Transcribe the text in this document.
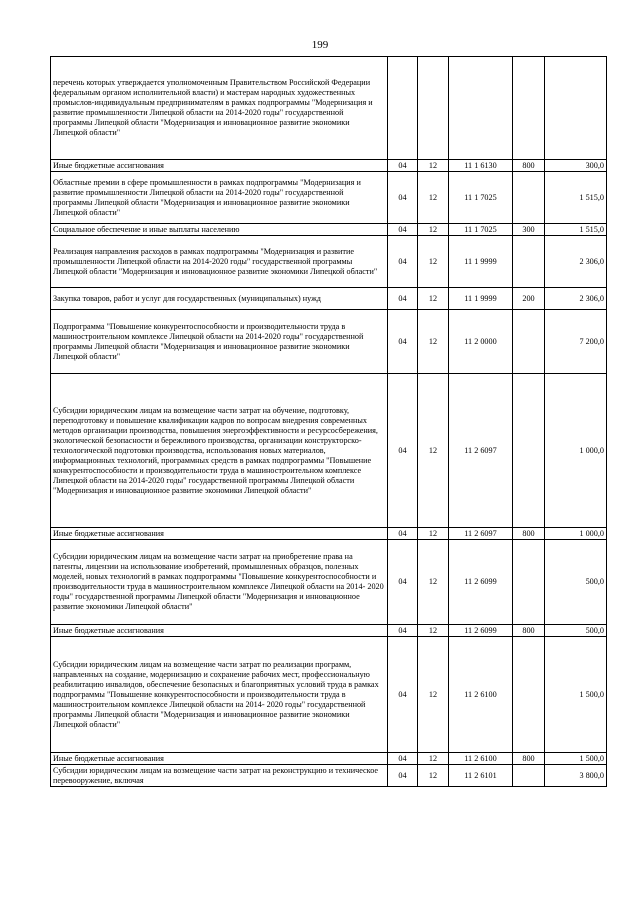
199
перечень которых утверждается уполномоченным Правительством Российской Федерации федеральным органом исполнительной власти) и мастерам народных художественных промыслов-индивидуальным предпринимателям в рамках подпрограммы "Модернизация и развитие промышленности Липецкой области на 2014-2020 годы" государственной программы Липецкой области "Модернизация и инновационное развитие экономики Липецкой области"					
Иные бюджетные ассигнования	04	12	11 1 6130	800	300,0
Областные премии в сфере промышленности в рамках подпрограммы "Модернизация и развитие промышленности Липецкой области на 2014-2020 годы" государственной программы Липецкой области "Модернизация и инновационное развитие экономики Липецкой области"	04	12	11 1 7025		1 515,0
Социальное обеспечение и иные выплаты населению	04	12	11 1 7025	300	1 515,0
Реализация направления расходов в рамках подпрограммы "Модернизация и развитие промышленности Липецкой области на 2014-2020 годы" государственной программы Липецкой области "Модернизация и инновационное развитие экономики Липецкой области"	04	12	11 1 9999		2 306,0
Закупка товаров, работ и услуг для государственных (муниципальных) нужд	04	12	11 1 9999	200	2 306,0
Подпрограмма "Повышение конкурентоспособности и производительности труда в машиностроительном комплексе Липецкой области на 2014-2020 годы" государственной программы Липецкой области "Модернизация и инновационное развитие экономики Липецкой области"	04	12	11 2 0000		7 200,0
Субсидии юридическим лицам на возмещение части затрат на обучение, подготовку, переподготовку и повышение квалификации кадров по вопросам внедрения современных методов организации производства, повышения энергоэффективности и ресурсосбережения, экологической безопасности и бережливого производства, организации конструкторско-технологической подготовки производства, использования новых материалов, информационных технологий, программных средств в рамках подпрограммы "Повышение конкурентоспособности и производительности труда в машиностроительном комплексе Липецкой области на 2014-2020 годы" государственной программы Липецкой области "Модернизация и инновационное развитие экономики Липецкой области"	04	12	11 2 6097		1 000,0
Иные бюджетные ассигнования	04	12	11 2 6097	800	1 000,0
Субсидии юридическим лицам на возмещение части затрат на приобретение права на патенты, лицензии на использование изобретений, промышленных образцов, полезных моделей, новых технологий в рамках подпрограммы "Повышение конкурентоспособности и производительности труда в машиностроительном комплексе Липецкой области на 2014- 2020 годы" государственной программы Липецкой области "Модернизация и инновационное развитие экономики Липецкой области"	04	12	11 2 6099		500,0
Иные бюджетные ассигнования	04	12	11 2 6099	800	500,0
Субсидии юридическим лицам на возмещение части затрат по реализации программ, направленных на создание, модернизацию и сохранение рабочих мест, профессиональную реабилитацию инвалидов, обеспечение безопасных и благоприятных условий труда в рамках подпрограммы "Повышение конкурентоспособности и производительности труда в машиностроительном комплексе Липецкой области на 2014- 2020 годы" государственной программы Липецкой области "Модернизация и инновационное развитие экономики Липецкой области"	04	12	11 2 6100		1 500,0
Иные бюджетные ассигнования	04	12	11 2 6100	800	1 500,0
Субсидии юридическим лицам на возмещение части затрат на реконструкцию и техническое перевооружение, включая	04	12	11 2 6101		3 800,0
